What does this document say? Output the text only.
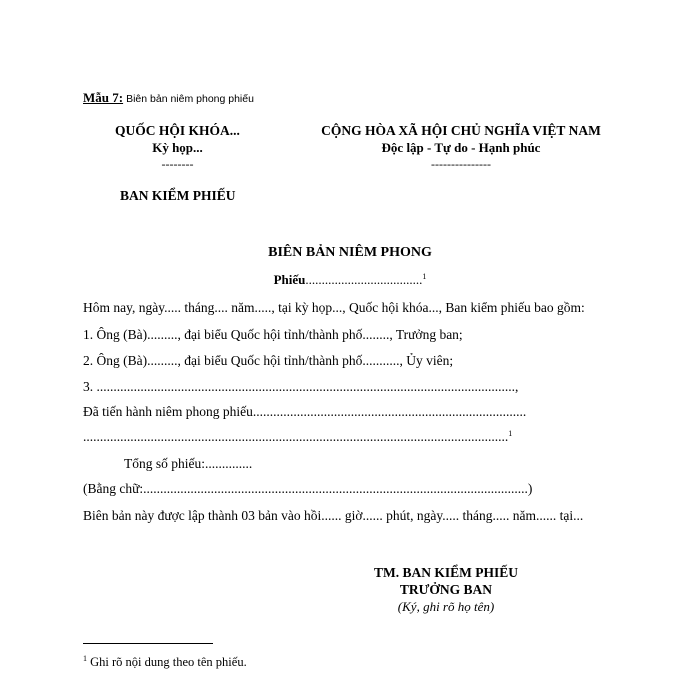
Mẫu 7: Biên bản niêm phong phiếu
QUỐC HỘI KHÓA...
Kỳ họp...
--------
CỘNG HÒA XÃ HỘI CHỦ NGHĨA VIỆT NAM
Độc lập - Tự do - Hạnh phúc
---------------
BAN KIỂM PHIẾU
BIÊN BẢN NIÊM PHONG
Phiếu....................................$^1$
Hôm nay, ngày..... tháng.... năm....., tại kỳ họp..., Quốc hội khóa..., Ban kiểm phiếu bao gồm:
1. Ông (Bà)........., đại biểu Quốc hội tỉnh/thành phố........, Trưởng ban;
2. Ông (Bà)........., đại biểu Quốc hội tỉnh/thành phố..........., Ủy viên;
3. ............................................................................................................................,
Đã tiến hành niêm phong phiếu.................................................................................
..............................................................................................................................$^1$
Tổng số phiếu:..............
(Bằng chữ:..................................................................................................................)
Biên bản này được lập thành 03 bản vào hồi...... giờ...... phút, ngày..... tháng..... năm...... tại...
TM. BAN KIỂM PHIẾU
TRƯỞNG BAN
(Ký, ghi rõ họ tên)
$^1$ Ghi rõ nội dung theo tên phiếu.
